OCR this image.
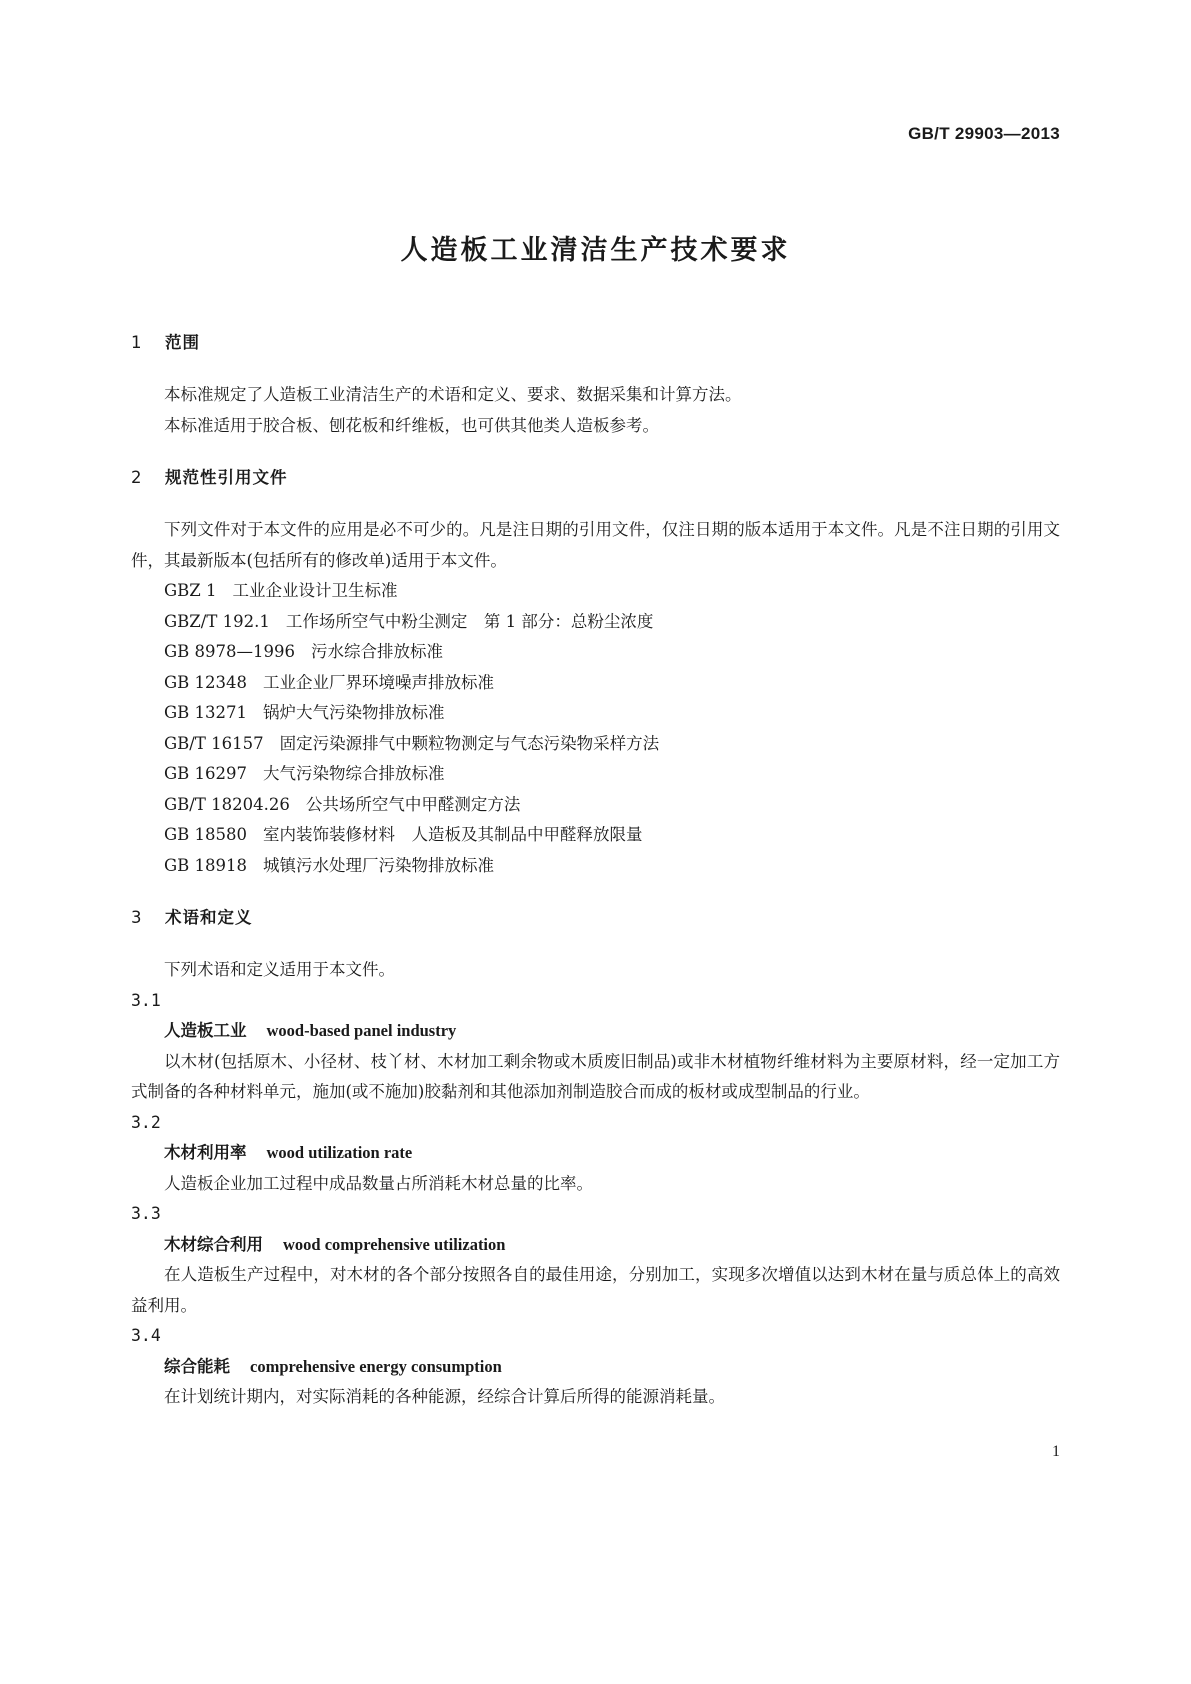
GB/T 29903—2013
人造板工业清洁生产技术要求
1 范围

本标准规定了人造板工业清洁生产的术语和定义、要求、数据采集和计算方法。

本标准适用于胶合板、刨花板和纤维板，也可供其他类人造板参考。

2 规范性引用文件

下列文件对于本文件的应用是必不可少的。凡是注日期的引用文件，仅注日期的版本适用于本文件。凡是不注日期的引用文件，其最新版本(包括所有的修改单)适用于本文件。

GBZ 1 工业企业设计卫生标准
GBZ/T 192.1 工作场所空气中粉尘测定　第 1 部分：总粉尘浓度
GB 8978—1996 污水综合排放标准
GB 12348 工业企业厂界环境噪声排放标准
GB 13271 锅炉大气污染物排放标准
GB/T 16157 固定污染源排气中颗粒物测定与气态污染物采样方法
GB 16297 大气污染物综合排放标准
GB/T 18204.26 公共场所空气中甲醛测定方法
GB 18580 室内装饰装修材料　人造板及其制品中甲醛释放限量
GB 18918 城镇污水处理厂污染物排放标准
3 术语和定义

下列术语和定义适用于本文件。

3.1
人造板工业 wood-based panel industry

以木材(包括原木、小径材、枝丫材、木材加工剩余物或木质废旧制品)或非木材植物纤维材料为主要原材料，经一定加工方式制备的各种材料单元，施加(或不施加)胶黏剂和其他添加剂制造胶合而成的板材或成型制品的行业。

3.2
木材利用率 wood utilization rate

人造板企业加工过程中成品数量占所消耗木材总量的比率。

3.3
木材综合利用 wood comprehensive utilization

在人造板生产过程中，对木材的各个部分按照各自的最佳用途，分别加工，实现多次增值以达到木材在量与质总体上的高效益利用。

3.4
综合能耗 comprehensive energy consumption

在计划统计期内，对实际消耗的各种能源，经综合计算后所得的能源消耗量。

1
